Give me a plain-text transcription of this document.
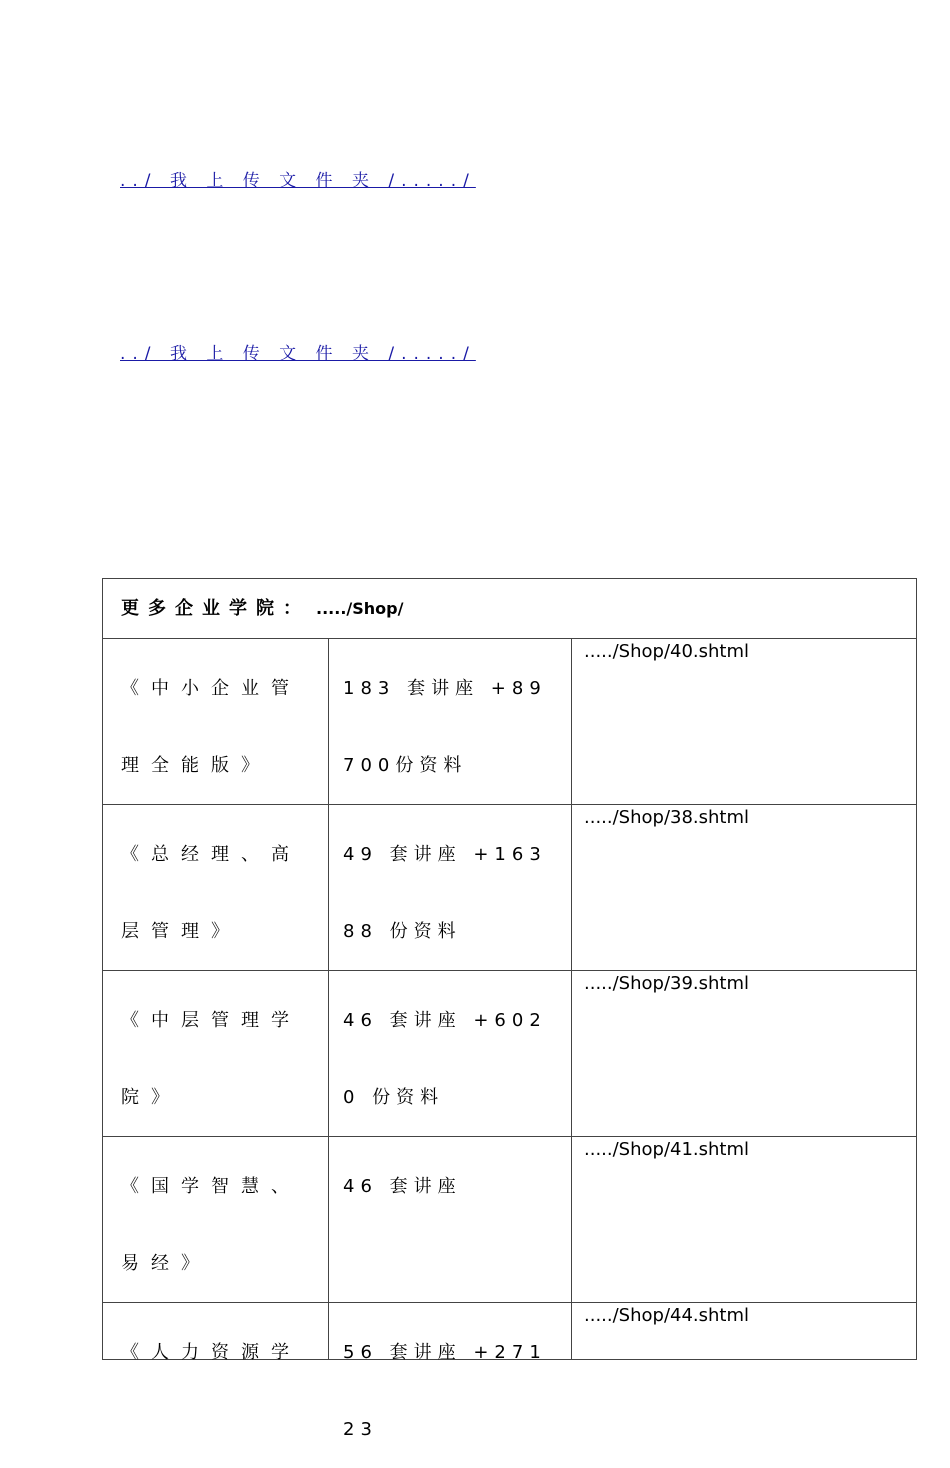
../ 我 上 传 文 件 夹 /...../
../ 我 上 传 文 件 夹 /...../
更多企业学院： ...../Shop/		
《中小企业管理全能版》	183 套讲座 +89700份资料	...../Shop/40.shtml
《总经理、高层管理》	49 套讲座 +16388 份资料	...../Shop/38.shtml
《中层管理学院》	46 套讲座 +6020 份资料	...../Shop/39.shtml
《国学智慧、易经》	46 套讲座	...../Shop/41.shtml

《人力资源学	56 套讲座 +27123	...../Shop/44.shtml
